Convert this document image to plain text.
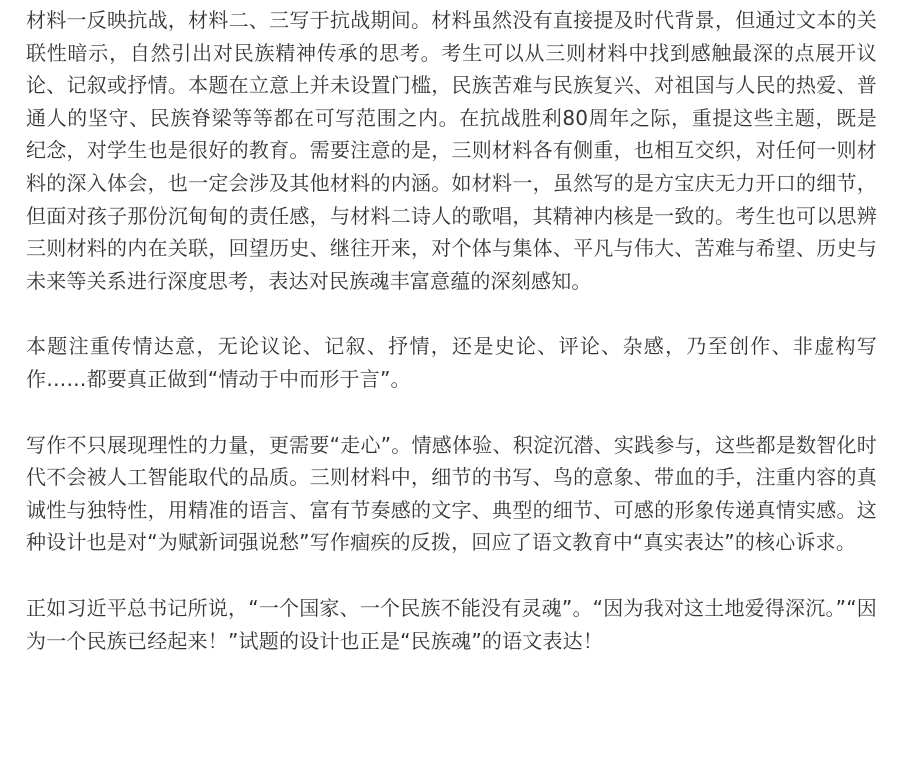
材料一反映抗战，材料二、三写于抗战期间。材料虽然没有直接提及时代背景，但通过文本的关联性暗示，自然引出对民族精神传承的思考。考生可以从三则材料中找到感触最深的点展开议论、记叙或抒情。本题在立意上并未设置门槛，民族苦难与民族复兴、对祖国与人民的热爱、普通人的坚守、民族脊梁等等都在可写范围之内。在抗战胜利80周年之际，重提这些主题，既是纪念，对学生也是很好的教育。需要注意的是，三则材料各有侧重，也相互交织，对任何一则材料的深入体会，也一定会涉及其他材料的内涵。如材料一，虽然写的是方宝庆无力开口的细节，但面对孩子那份沉甸甸的责任感，与材料二诗人的歌唱，其精神内核是一致的。考生也可以思辨三则材料的内在关联，回望历史、继往开来，对个体与集体、平凡与伟大、苦难与希望、历史与未来等关系进行深度思考，表达对民族魂丰富意蕴的深刻感知。

本题注重传情达意，无论议论、记叙、抒情，还是史论、评论、杂感，乃至创作、非虚构写作……都要真正做到“情动于中而形于言”。

写作不只展现理性的力量，更需要“走心”。情感体验、积淀沉潜、实践参与，这些都是数智化时代不会被人工智能取代的品质。三则材料中，细节的书写、鸟的意象、带血的手，注重内容的真诚性与独特性，用精准的语言、富有节奏感的文字、典型的细节、可感的形象传递真情实感。这种设计也是对“为赋新词强说愁”写作痼疾的反拨，回应了语文教育中“真实表达”的核心诉求。

正如习近平总书记所说，“一个国家、一个民族不能没有灵魂”。“因为我对这土地爱得深沉。”“因为一个民族已经起来！”试题的设计也正是“民族魂”的语文表达！
